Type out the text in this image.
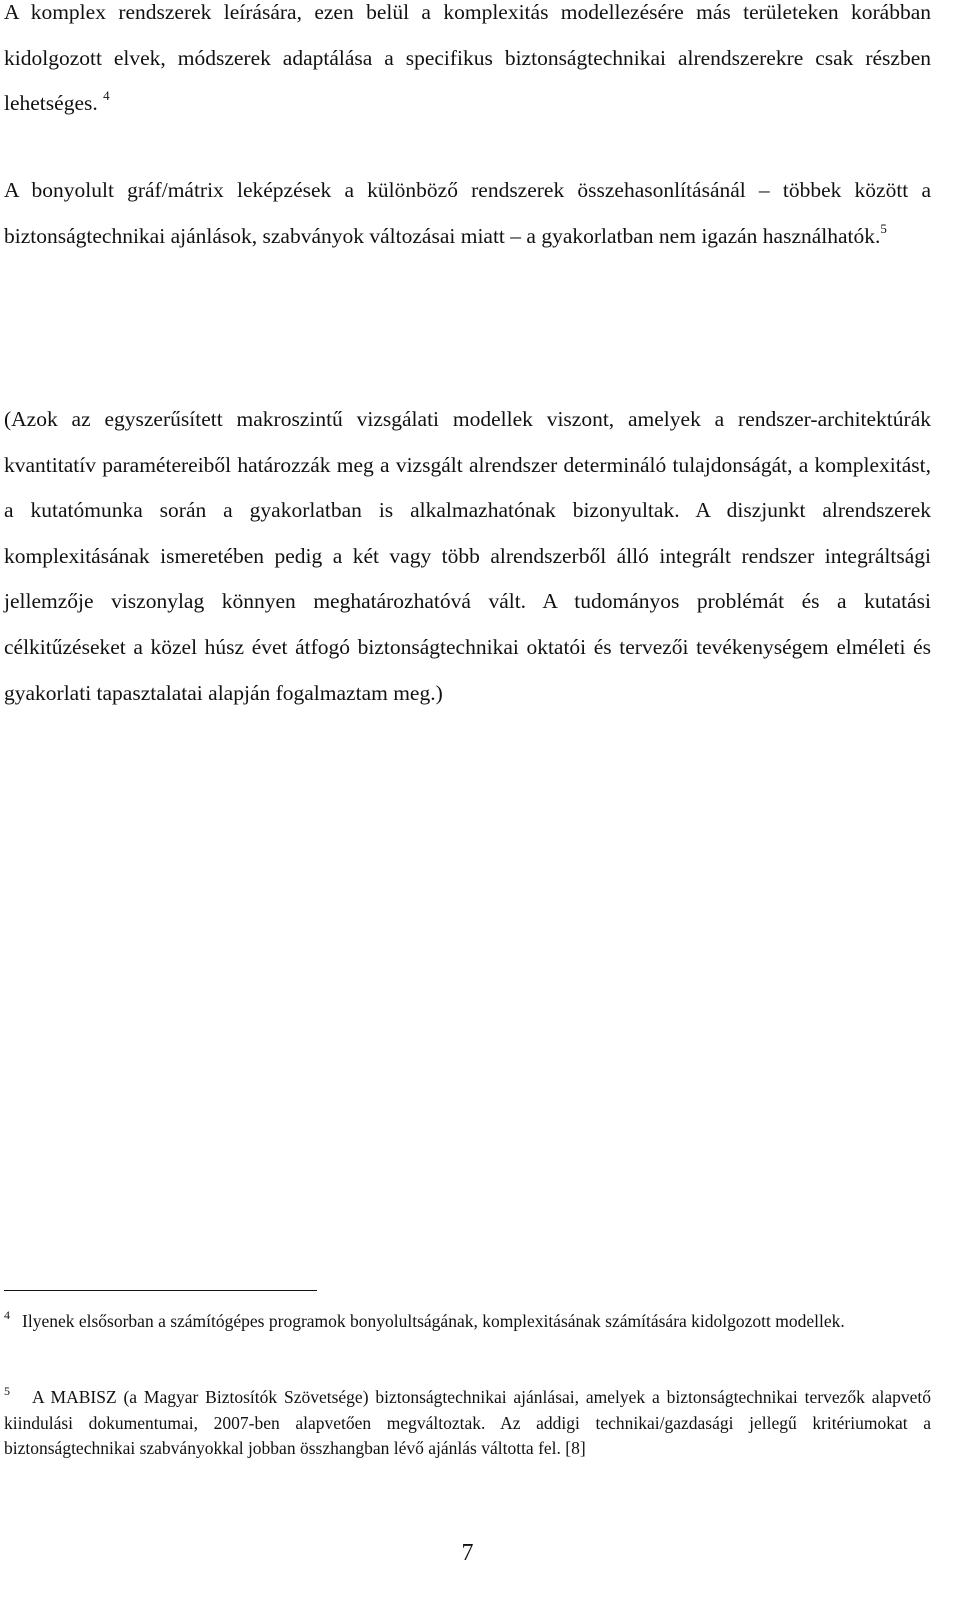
A komplex rendszerek leírására, ezen belül a komplexitás modellezésére más területeken korábban kidolgozott elvek, módszerek adaptálása a specifikus biztonságtechnikai alrendszerekre csak részben lehetséges. $^4$

A bonyolult gráf/mátrix leképzések a különböző rendszerek összehasonlításánál – többek között a biztonságtechnikai ajánlások, szabványok változásai miatt – a gyakorlatban nem igazán használhatók.$^5$

(Azok az egyszerűsített makroszintű vizsgálati modellek viszont, amelyek a rendszer-architektúrák kvantitatív paramétereiből határozzák meg a vizsgált alrendszer determináló tulajdonságát, a komplexitást, a kutatómunka során a gyakorlatban is alkalmazhatónak bizonyultak. A diszjunkt alrendszerek komplexitásának ismeretében pedig a két vagy több alrendszerből álló integrált rendszer integráltsági jellemzője viszonylag könnyen meghatározhatóvá vált. A tudományos problémát és a kutatási célkitűzéseket a közel húsz évet átfogó biztonságtechnikai oktatói és tervezői tevékenységem elméleti és gyakorlati tapasztalatai alapján fogalmaztam meg.)

$^4$ Ilyenek elsősorban a számítógépes programok bonyolultságának, komplexitásának számítására kidolgozott modellek.

$^5$ A MABISZ (a Magyar Biztosítók Szövetsége) biztonságtechnikai ajánlásai, amelyek a biztonságtechnikai tervezők alapvető kiindulási dokumentumai, 2007-ben alapvetően megváltoztak. Az addigi technikai/gazdasági jellegű kritériumokat a biztonságtechnikai szabványokkal jobban összhangban lévő ajánlás váltotta fel. [8]

7
